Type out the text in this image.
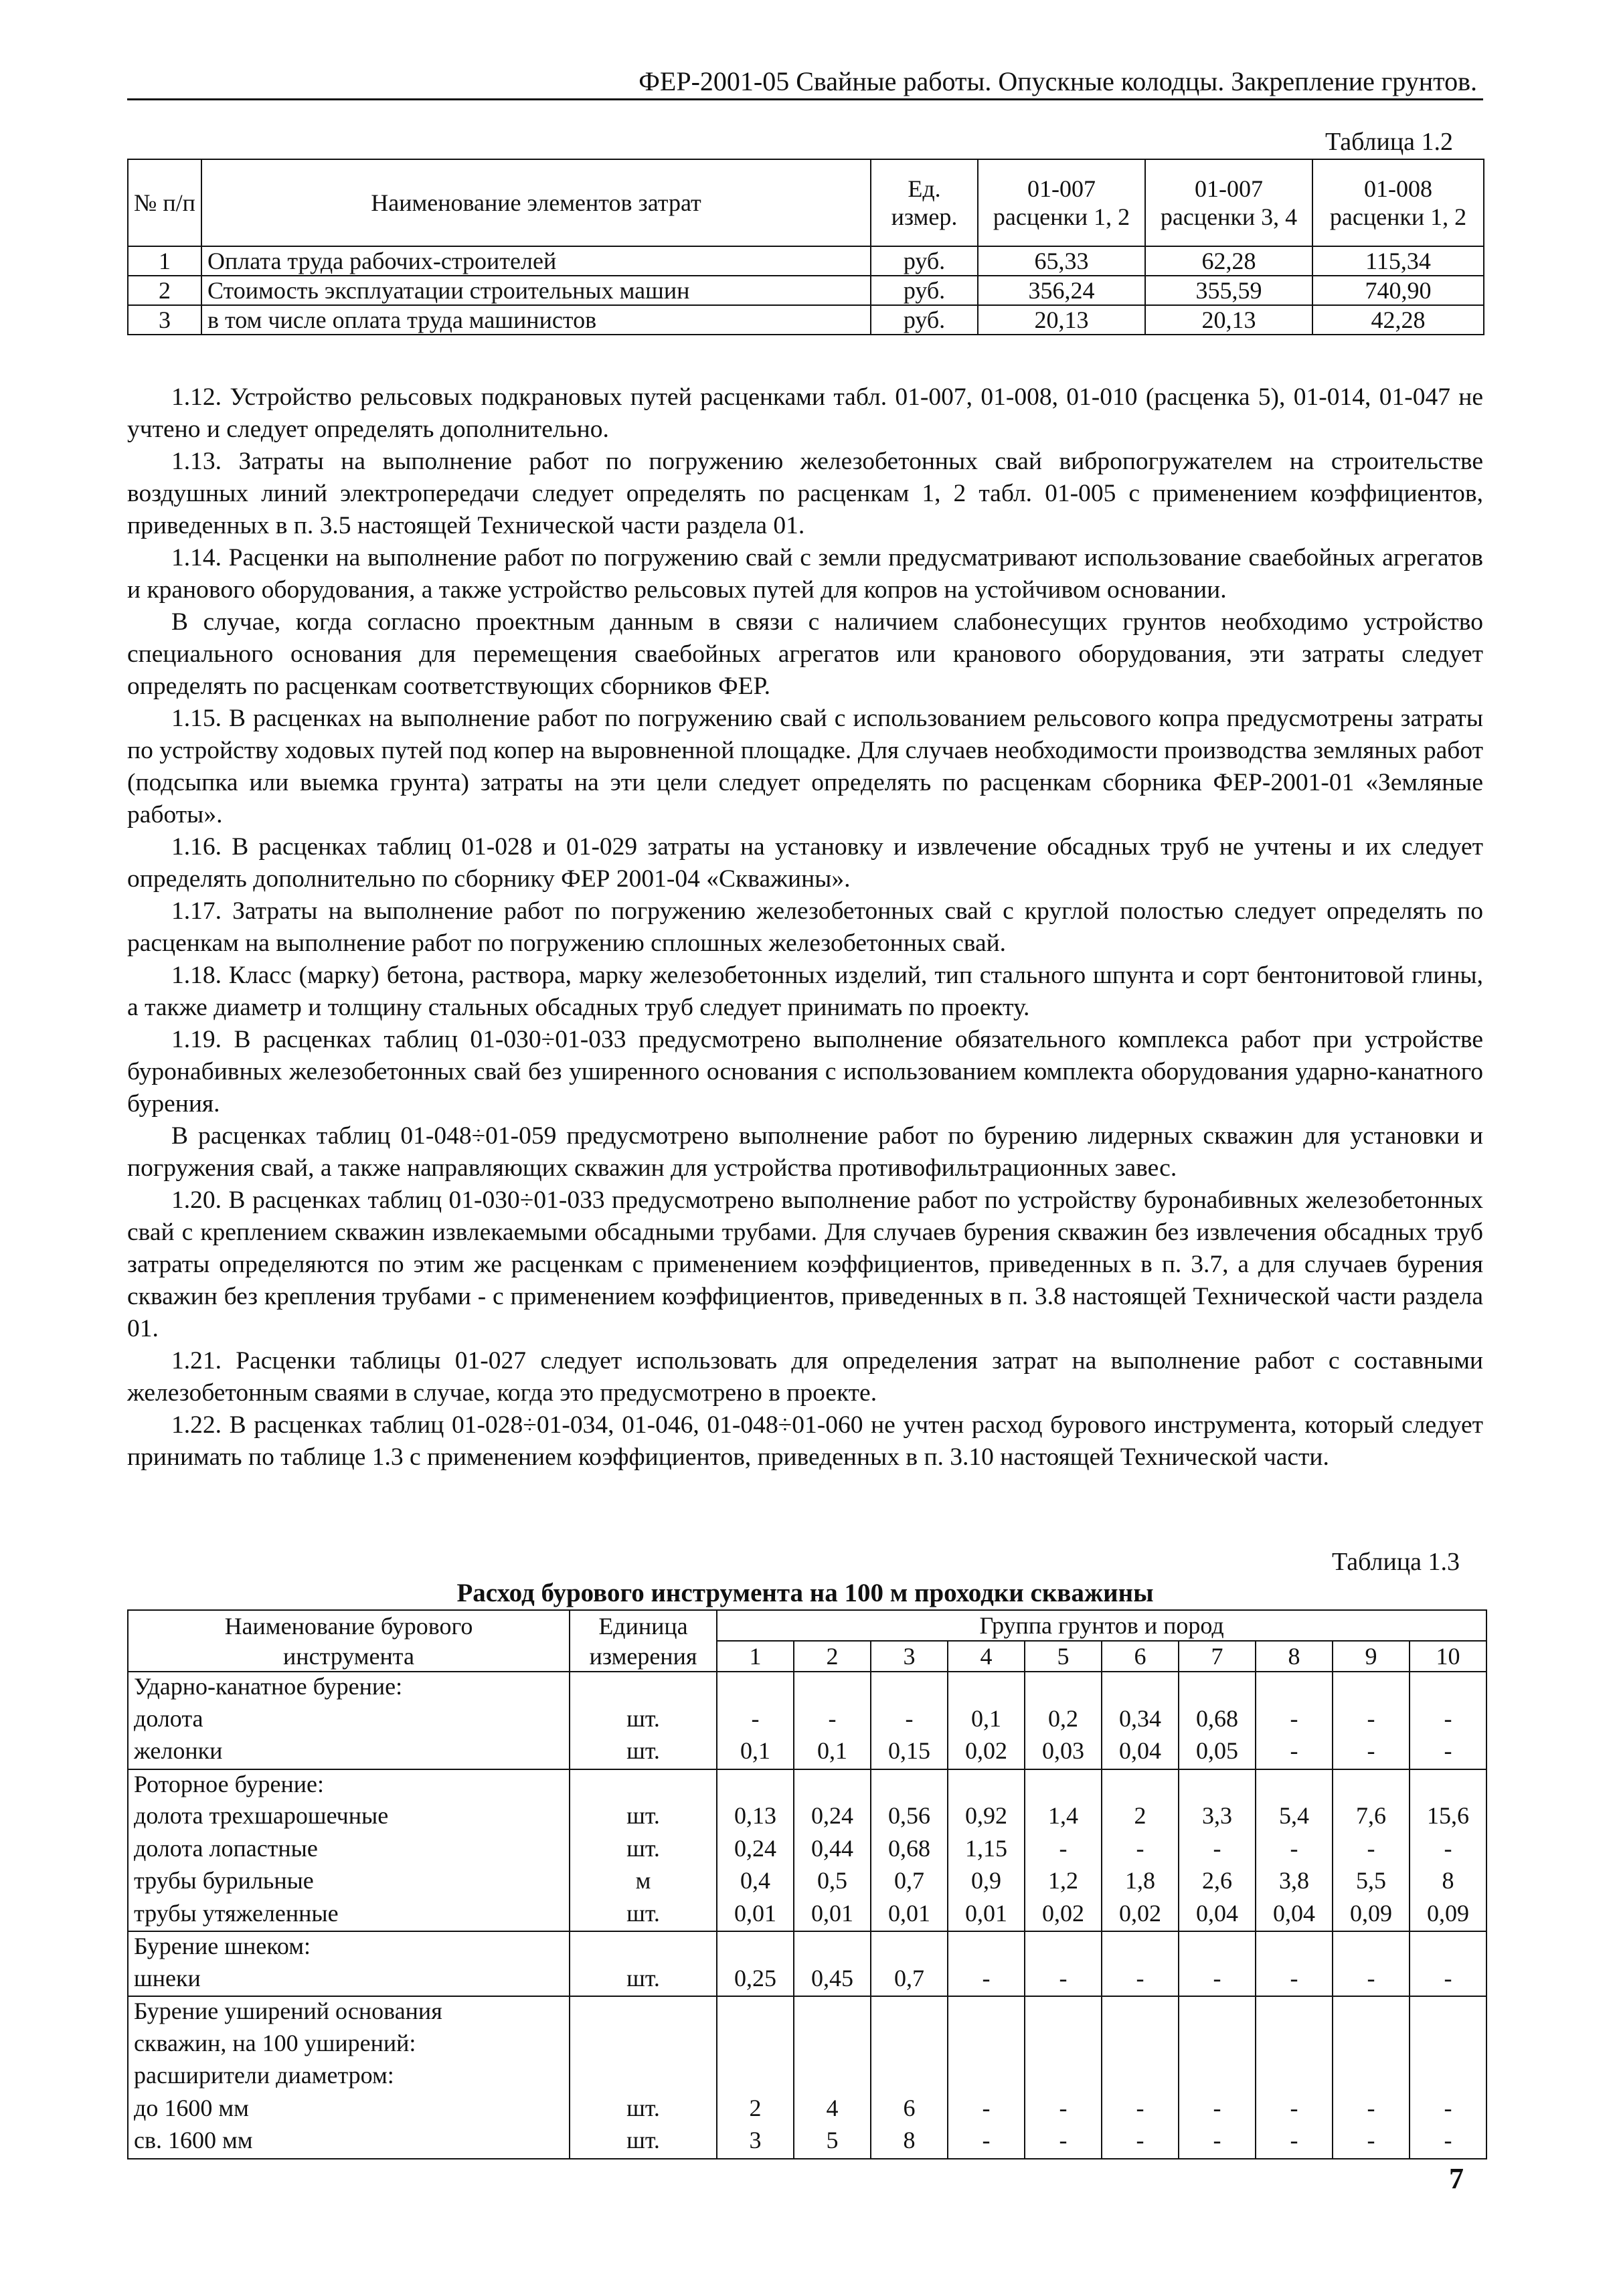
ФЕР-2001-05 Свайные работы. Опускные колодцы. Закрепление грунтов.
Таблица 1.2
№ п/п	Наименование элементов затрат	Ед. измер.	01-007 расценки 1, 2	01-007 расценки 3, 4	01-008 расценки 1, 2
1	Оплата труда рабочих-строителей	руб.	65,33	62,28	115,34
2	Стоимость эксплуатации строительных машин	руб.	356,24	355,59	740,90
3	в том числе оплата труда машинистов	руб.	20,13	20,13	42,28

1.12. Устройство рельсовых подкрановых путей расценками табл. 01-007, 01-008, 01-010 (расценка 5), 01-014, 01-047 не учтено и следует определять дополнительно.

1.13. Затраты на выполнение работ по погружению железобетонных свай вибропогружателем на строительстве воздушных линий электропередачи следует определять по расценкам 1, 2 табл. 01-005 с применением коэффициентов, приведенных в п. 3.5 настоящей Технической части раздела 01.

1.14. Расценки на выполнение работ по погружению свай с земли предусматривают использование сваебойных агрегатов и кранового оборудования, а также устройство рельсовых путей для копров на устойчивом основании.

В случае, когда согласно проектным данным в связи с наличием слабонесущих грунтов необходимо устройство специального основания для перемещения сваебойных агрегатов или кранового оборудования, эти затраты следует определять по расценкам соответствующих сборников ФЕР.

1.15. В расценках на выполнение работ по погружению свай с использованием рельсового копра предусмотрены затраты по устройству ходовых путей под копер на выровненной площадке. Для случаев необходимости производства земляных работ (подсыпка или выемка грунта) затраты на эти цели следует определять по расценкам сборника ФЕР-2001-01 «Земляные работы».

1.16. В расценках таблиц 01-028 и 01-029 затраты на установку и извлечение обсадных труб не учтены и их следует определять дополнительно по сборнику ФЕР 2001-04 «Скважины».

1.17. Затраты на выполнение работ по погружению железобетонных свай с круглой полостью следует определять по расценкам на выполнение работ по погружению сплошных железобетонных свай.

1.18. Класс (марку) бетона, раствора, марку железобетонных изделий, тип стального шпунта и сорт бентонитовой глины, а также диаметр и толщину стальных обсадных труб следует принимать по проекту.

1.19. В расценках таблиц 01-030÷01-033 предусмотрено выполнение обязательного комплекса работ при устройстве буронабивных железобетонных свай без уширенного основания с использованием комплекта оборудования ударно-канатного бурения.

В расценках таблиц 01-048÷01-059 предусмотрено выполнение работ по бурению лидерных скважин для установки и погружения свай, а также направляющих скважин для устройства противофильтрационных завес.

1.20. В расценках таблиц 01-030÷01-033 предусмотрено выполнение работ по устройству буронабивных железобетонных свай с креплением скважин извлекаемыми обсадными трубами. Для случаев бурения скважин без извлечения обсадных труб затраты определяются по этим же расценкам с применением коэффициентов, приведенных в п. 3.7, а для случаев бурения скважин без крепления трубами - с применением коэффициентов, приведенных в п. 3.8 настоящей Технической части раздела 01.

1.21. Расценки таблицы 01-027 следует использовать для определения затрат на выполнение работ с составными железобетонным сваями в случае, когда это предусмотрено в проекте.

1.22. В расценках таблиц 01-028÷01-034, 01-046, 01-048÷01-060 не учтен расход бурового инструмента, который следует принимать по таблице 1.3 с применением коэффициентов, приведенных в п. 3.10 настоящей Технической части.

Таблица 1.3
Расход бурового инструмента на 100 м проходки скважины
Наименование бурового	Единица	Группа грунтов и пород									
инструмента	измерения	1	2	3	4	5	6	7	8	9	10
Ударно-канатное бурение:											
долота	шт.	-	-	-	0,1	0,2	0,34	0,68	-	-	-
желонки	шт.	0,1	0,1	0,15	0,02	0,03	0,04	0,05	-	-	-
Роторное бурение:											
долота трехшарошечные	шт.	0,13	0,24	0,56	0,92	1,4	2	3,3	5,4	7,6	15,6
долота лопастные	шт.	0,24	0,44	0,68	1,15	-	-	-	-	-	-
трубы бурильные	м	0,4	0,5	0,7	0,9	1,2	1,8	2,6	3,8	5,5	8
трубы утяжеленные	шт.	0,01	0,01	0,01	0,01	0,02	0,02	0,04	0,04	0,09	0,09
Бурение шнеком:											
шнеки	шт.	0,25	0,45	0,7	-	-	-	-	-	-	-
Бурение уширений основания											
скважин, на 100 уширений:											
расширители диаметром:											
до 1600 мм	шт.	2	4	6	-	-	-	-	-	-	-
св. 1600 мм	шт.	3	5	8	-	-	-	-	-	-	-
7
